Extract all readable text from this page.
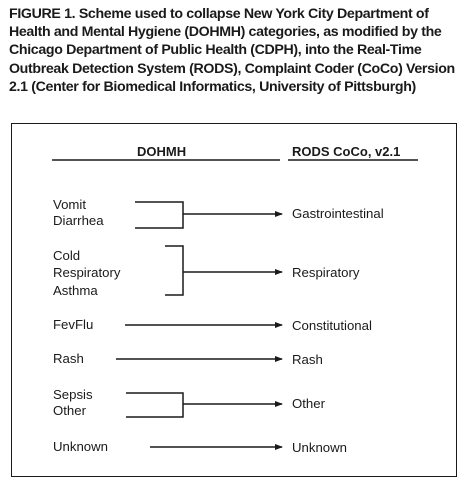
FIGURE 1. Scheme used to collapse New York City Department of Health and Mental Hygiene (DOHMH) categories, as modified by the Chicago Department of Public Health (CDPH), into the Real-Time Outbreak Detection System (RODS), Complaint Coder (CoCo) Version 2.1 (Center for Biomedical Informatics, University of Pittsburgh)
DOHMH	RODS CoCo, v2.1
Vomit
Diarrhea
Cold
Respiratory
Asthma
FevFlu
Rash
Sepsis
Other
Unknown
Gastrointestinal
Respiratory
Constitutional
Rash
Other
Unknown
